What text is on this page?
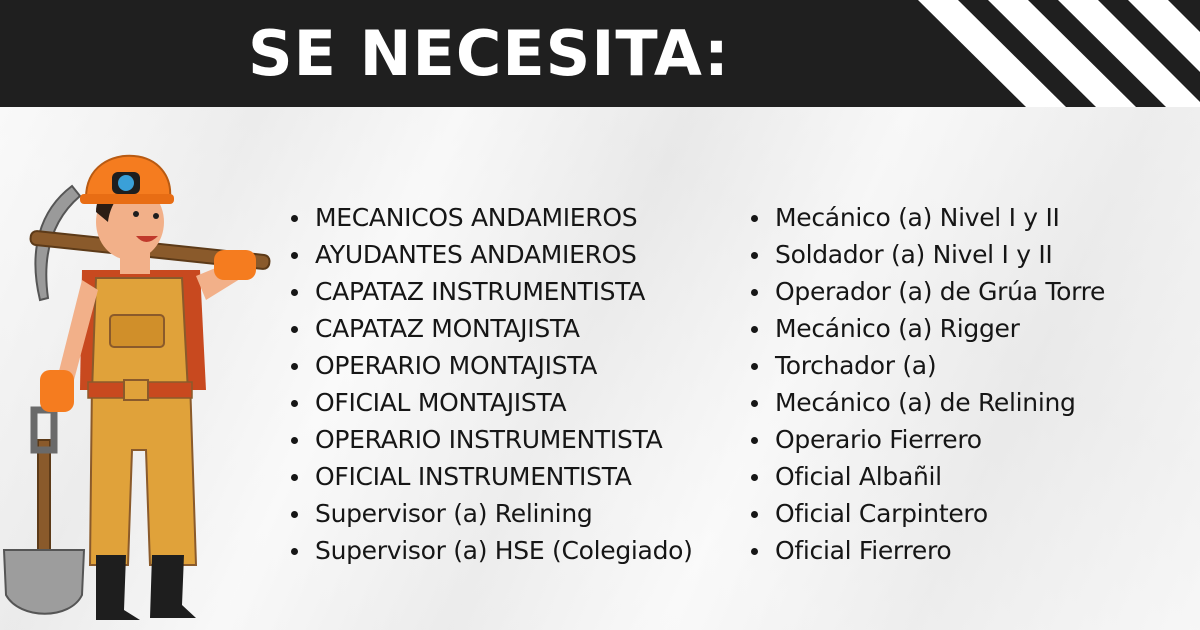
SE NECESITA:
MECANICOS ANDAMIEROS
AYUDANTES ANDAMIEROS
CAPATAZ INSTRUMENTISTA
CAPATAZ MONTAJISTA
OPERARIO MONTAJISTA
OFICIAL MONTAJISTA
OPERARIO INSTRUMENTISTA
OFICIAL INSTRUMENTISTA
Supervisor (a) Relining
Supervisor (a) HSE (Colegiado)
Mecánico (a) Nivel I y II
Soldador (a) Nivel I y II
Operador (a) de Grúa Torre
Mecánico (a) Rigger
Torchador (a)
Mecánico (a) de Relining
Operario Fierrero
Oficial Albañil
Oficial Carpintero
Oficial Fierrero
